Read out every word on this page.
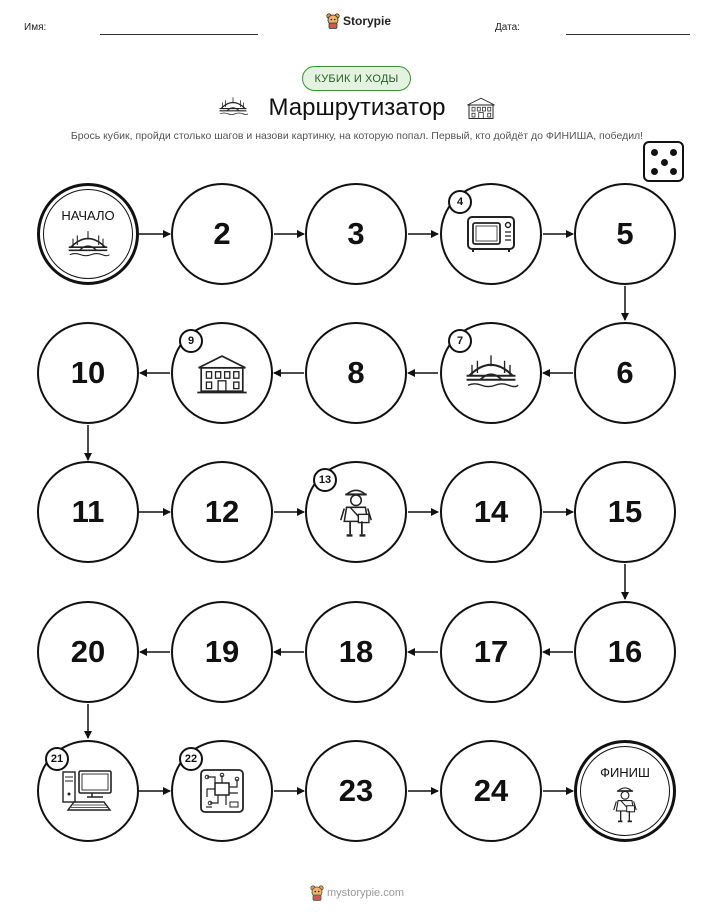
Имя:	Дата:
Storypie
КУБИК И ХОДЫ
Маршрутизатор
Брось кубик, пройди столько шагов и назови картинку, на которую попал. Первый, кто дойдёт до ФИНИША, победил!
НАЧАЛО
2	3
4
5
10
9
8
7
6
11	12
13
14	15
20	19	18	17	16
21	22
23	24
ФИНИШ
mystorypie.com
